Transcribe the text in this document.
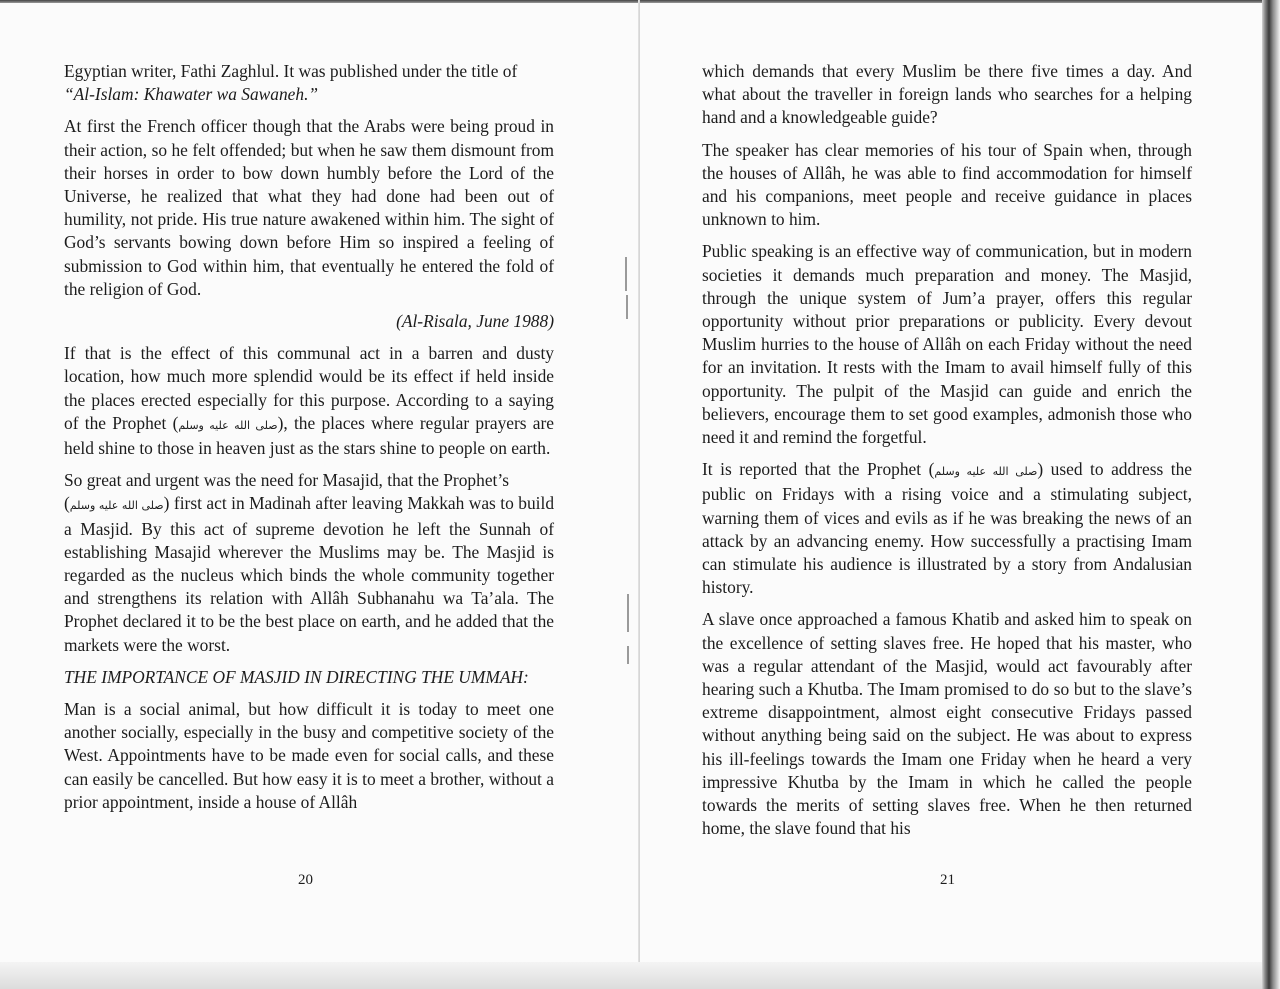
Egyptian writer, Fathi Zaghlul. It was published under the title of
“Al-Islam: Khawater wa Sawaneh.”

At first the French officer though that the Arabs were being proud in their action, so he felt offended; but when he saw them dismount from their horses in order to bow down humbly before the Lord of the Universe, he realized that what they had done had been out of humility, not pride. His true nature awakened within him. The sight of God’s servants bowing down before Him so inspired a feeling of submission to God within him, that eventually he entered the fold of the religion of God.

(Al-Risala, June 1988)

If that is the effect of this communal act in a barren and dusty location, how much more splendid would be its effect if held inside the places erected especially for this purpose. According to a saying of the Prophet (صلى الله عليه وسلم), the places where regular prayers are held shine to those in heaven just as the stars shine to people on earth.

So great and urgent was the need for Masajid, that the Prophet’s
(صلى الله عليه وسلم) first act in Madinah after leaving Makkah was to build a Masjid. By this act of supreme devotion he left the Sunnah of establishing Masajid wherever the Muslims may be. The Masjid is regarded as the nucleus which binds the whole community together and strengthens its relation with Allâh Subhanahu wa Ta’ala. The Prophet declared it to be the best place on earth, and he added that the markets were the worst.

THE IMPORTANCE OF MASJID IN DIRECTING THE UMMAH:

Man is a social animal, but how difficult it is today to meet one another socially, especially in the busy and competitive society of the West. Appointments have to be made even for social calls, and these can easily be cancelled. But how easy it is to meet a brother, without a prior appointment, inside a house of Allâh

which demands that every Muslim be there five times a day. And what about the traveller in foreign lands who searches for a helping hand and a knowledgeable guide?

The speaker has clear memories of his tour of Spain when, through the houses of Allâh, he was able to find accommodation for himself and his companions, meet people and receive guidance in places unknown to him.

Public speaking is an effective way of communication, but in modern societies it demands much preparation and money. The Masjid, through the unique system of Jum’a prayer, offers this regular opportunity without prior preparations or publicity. Every devout Muslim hurries to the house of Allâh on each Friday without the need for an invitation. It rests with the Imam to avail himself fully of this opportunity. The pulpit of the Masjid can guide and enrich the believers, encourage them to set good examples, admonish those who need it and remind the forgetful.

It is reported that the Prophet (صلى الله عليه وسلم) used to address the public on Fridays with a rising voice and a stimulating subject, warning them of vices and evils as if he was breaking the news of an attack by an advancing enemy. How successfully a practising Imam can stimulate his audience is illustrated by a story from Andalusian history.

A slave once approached a famous Khatib and asked him to speak on the excellence of setting slaves free. He hoped that his master, who was a regular attendant of the Masjid, would act favourably after hearing such a Khutba. The Imam promised to do so but to the slave’s extreme disappointment, almost eight consecutive Fridays passed without anything being said on the subject. He was about to express his ill-feelings towards the Imam one Friday when he heard a very impressive Khutba by the Imam in which he called the people towards the merits of setting slaves free. When he then returned home, the slave found that his

20	21
